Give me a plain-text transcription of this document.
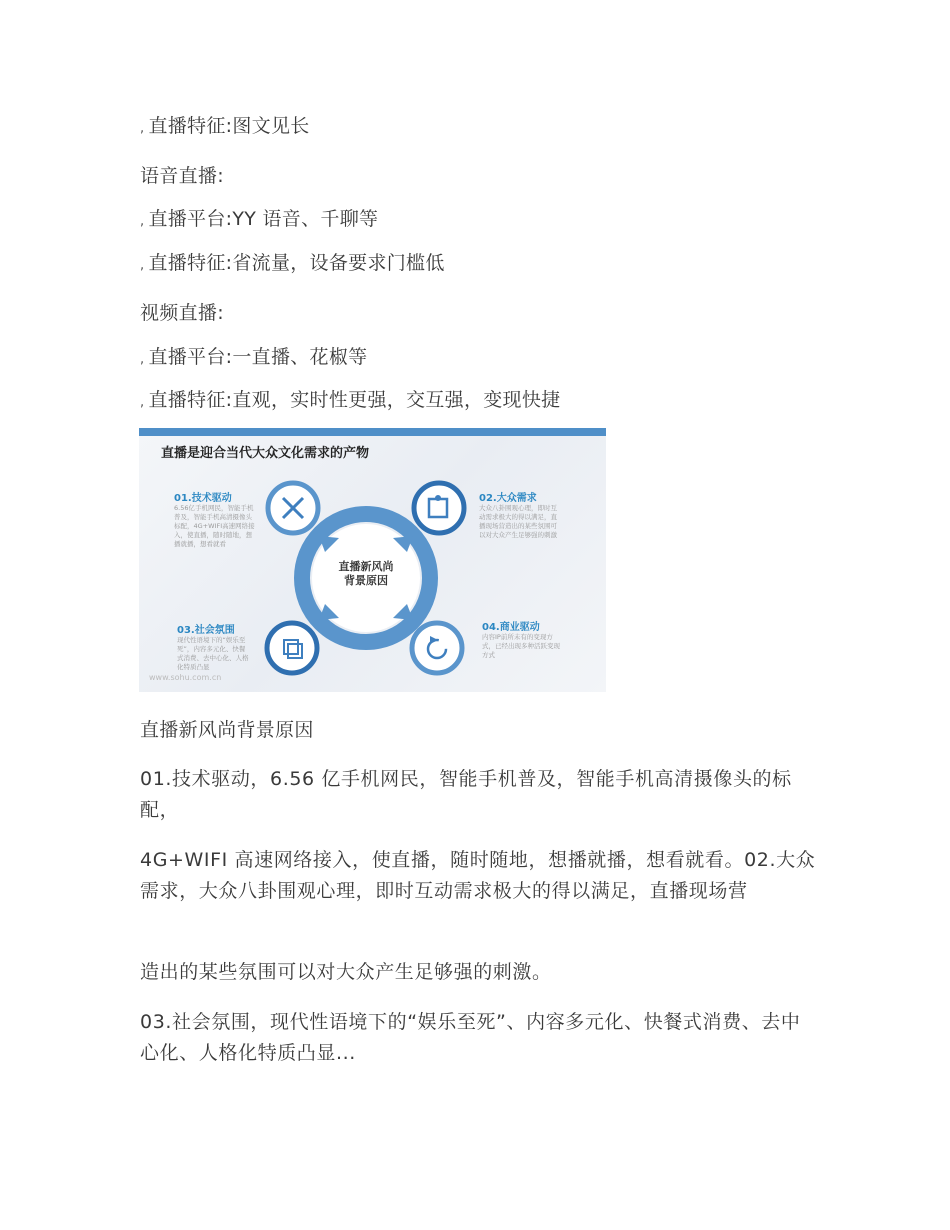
, 直播特征:图文见长
语音直播:
, 直播平台:YY 语音、千聊等
, 直播特征:省流量，设备要求门槛低
视频直播:
, 直播平台:一直播、花椒等
, 直播特征:直观，实时性更强，交互强，变现快捷
直播是迎合当代大众文化需求的产物
直播新风尚背景原因
01.技术驱动
6.56亿手机网民，智能手机普及，智能手机高清摄像头标配，4G+WIFI高速网络接入，使直播，随时随地，想播就播，想看就看
02.大众需求
大众八卦围观心理，即时互动需求极大的得以满足，直播现场营造出的某些氛围可以对大众产生足够强的刺激
03.社会氛围
现代性语境下的“娱乐至死”，内容多元化、快餐式消费、去中心化、人格化特质凸显
04.商业驱动
内容IP前所未有的变现方式，已经出现多种活跃变现方式
www.sohu.com.cn
直播新风尚背景原因
01.技术驱动，6.56 亿手机网民，智能手机普及，智能手机高清摄像头的标配，
4G+WIFI 高速网络接入，使直播，随时随地，想播就播，想看就看。02.大众需求，大众八卦围观心理，即时互动需求极大的得以满足，直播现场营
造出的某些氛围可以对大众产生足够强的刺激。
03.社会氛围，现代性语境下的“娱乐至死”、内容多元化、快餐式消费、去中心化、人格化特质凸显...
